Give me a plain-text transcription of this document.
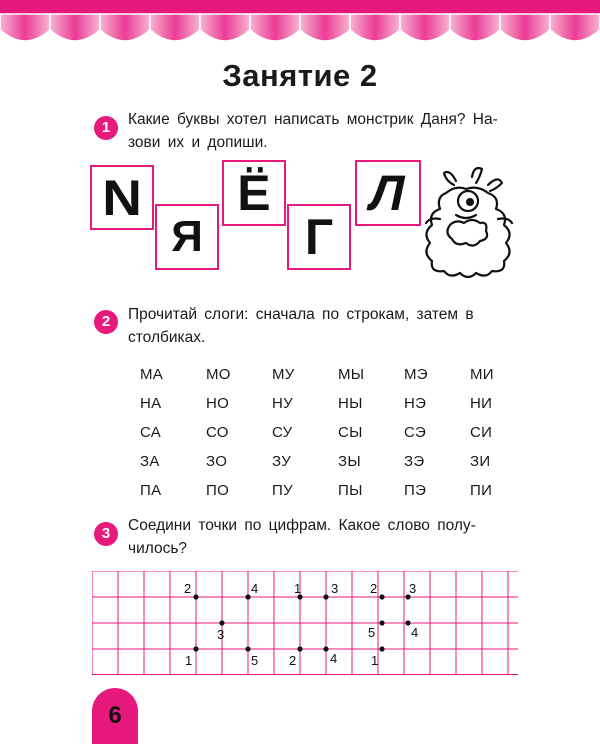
Занятие 2
1	Какие буквы хотел написать монстрик Даня? На-
зови их и допиши.
N
Я
Ё
Г
Л
2	Прочитай слоги: сначала по строкам, затем в
столбиках.
МА	МО	МУ	МЫ	МЭ	МИ
НА	НО	НУ	НЫ	НЭ	НИ
СА	СО	СУ	СЫ	СЭ	СИ
ЗА	ЗО	ЗУ	ЗЫ	ЗЭ	ЗИ
ПА	ПО	ПУ	ПЫ	ПЭ	ПИ
3	Соедини точки по цифрам. Какое слово полу-
чилось?
2	4
3
1	5
1 3
2	4
2 3
5	4
1
6
